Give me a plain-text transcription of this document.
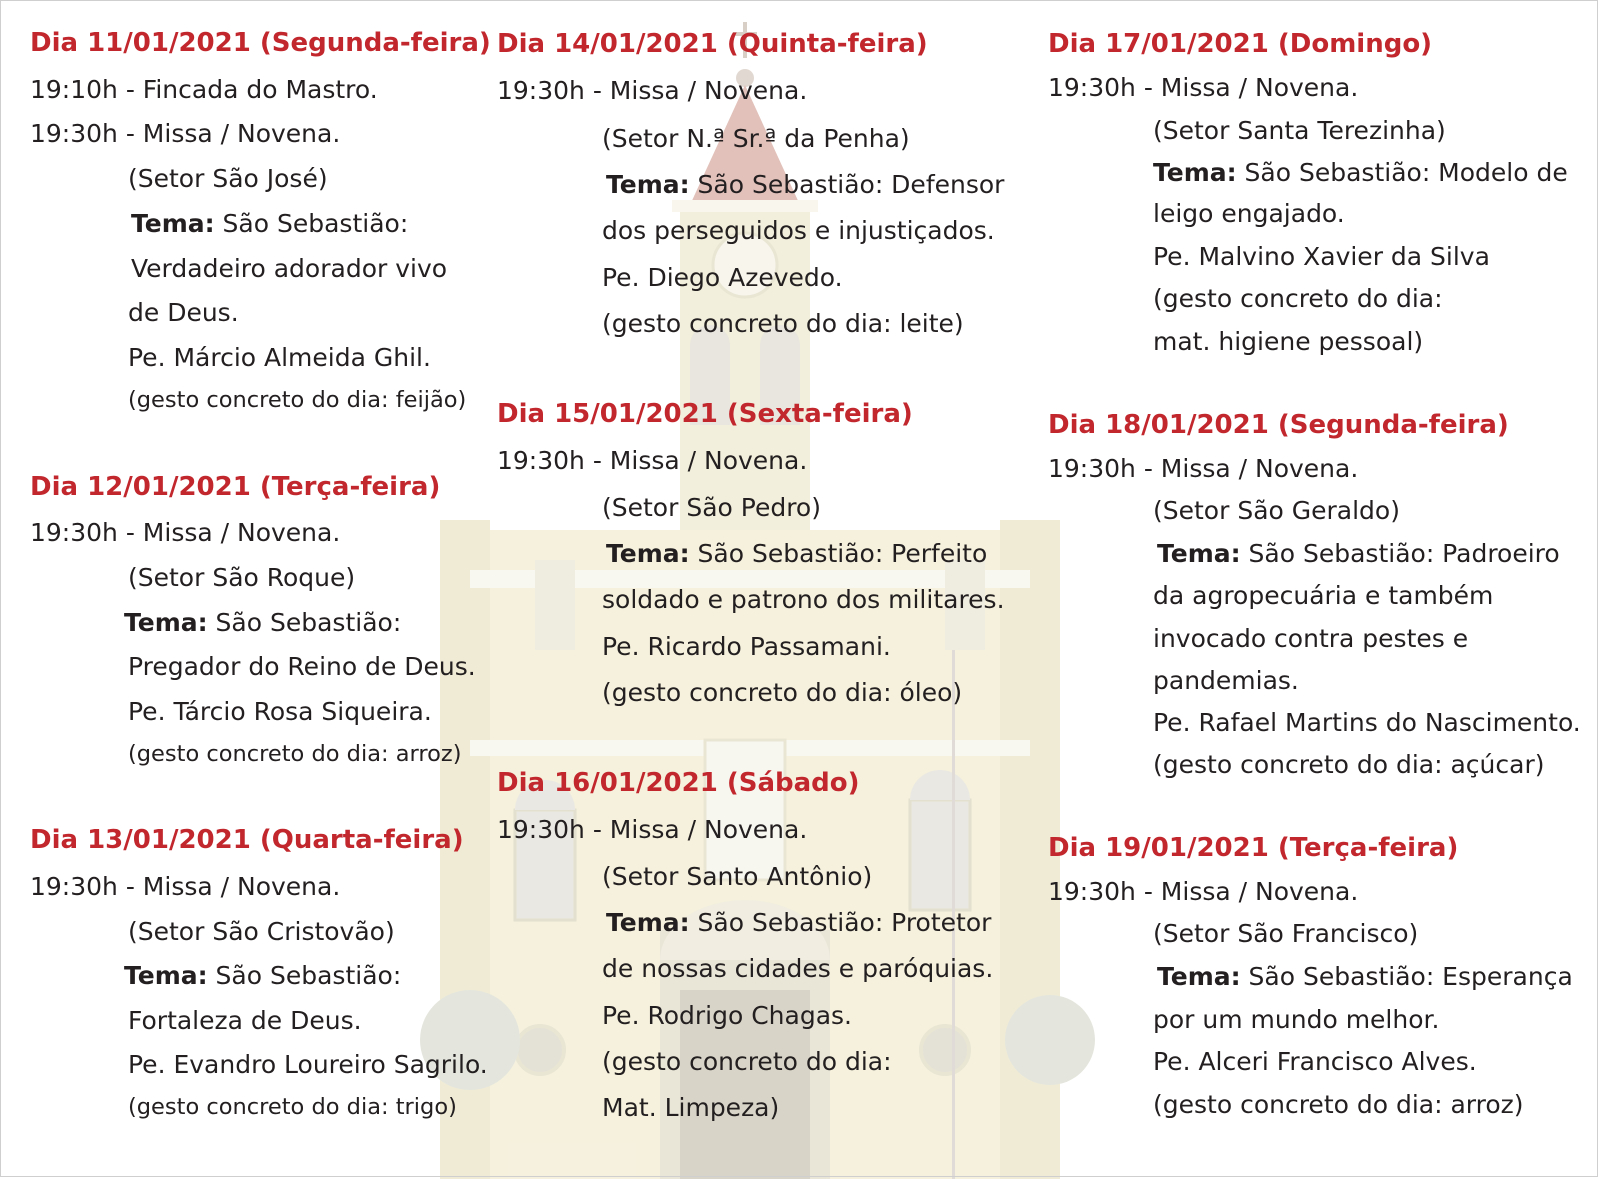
Dia 11/01/2021 (Segunda-feira)
19:10h - Fincada do Mastro.
19:30h - Missa / Novena.
(Setor São José)
Tema: São Sebastião:
Verdadeiro adorador vivo
de Deus.
Pe. Márcio Almeida Ghil.
(gesto concreto do dia: feijão)
Dia 12/01/2021 (Terça-feira)
19:30h - Missa / Novena.
(Setor São Roque)
Tema: São Sebastião:
Pregador do Reino de Deus.
Pe. Tárcio Rosa Siqueira.
(gesto concreto do dia: arroz)
Dia 13/01/2021 (Quarta-feira)
19:30h - Missa / Novena.
(Setor São Cristovão)
Tema: São Sebastião:
Fortaleza de Deus.
Pe. Evandro Loureiro Sagrilo.
(gesto concreto do dia: trigo)
Dia 14/01/2021 (Quinta-feira)
19:30h - Missa / Novena.
(Setor N.ª Sr.ª da Penha)
Tema: São Sebastião: Defensor
dos perseguidos e injustiçados.
Pe. Diego Azevedo.
(gesto concreto do dia: leite)
Dia 15/01/2021 (Sexta-feira)
19:30h - Missa / Novena.
(Setor São Pedro)
Tema: São Sebastião: Perfeito
soldado e patrono dos militares.
Pe. Ricardo Passamani.
(gesto concreto do dia: óleo)
Dia 16/01/2021 (Sábado)
19:30h - Missa / Novena.
(Setor Santo Antônio)
Tema: São Sebastião: Protetor
de nossas cidades e paróquias.
Pe. Rodrigo Chagas.
(gesto concreto do dia:
Mat. Limpeza)
Dia 17/01/2021 (Domingo)
19:30h - Missa / Novena.
(Setor Santa Terezinha)
Tema: São Sebastião: Modelo de
leigo engajado.
Pe. Malvino Xavier da Silva
(gesto concreto do dia:
mat. higiene pessoal)
Dia 18/01/2021 (Segunda-feira)
19:30h - Missa / Novena.
(Setor São Geraldo)
Tema: São Sebastião: Padroeiro
da agropecuária e também
invocado contra pestes e
pandemias.
Pe. Rafael Martins do Nascimento.
(gesto concreto do dia: açúcar)
Dia 19/01/2021 (Terça-feira)
19:30h - Missa / Novena.
(Setor São Francisco)
Tema: São Sebastião: Esperança
por um mundo melhor.
Pe. Alceri Francisco Alves.
(gesto concreto do dia: arroz)
